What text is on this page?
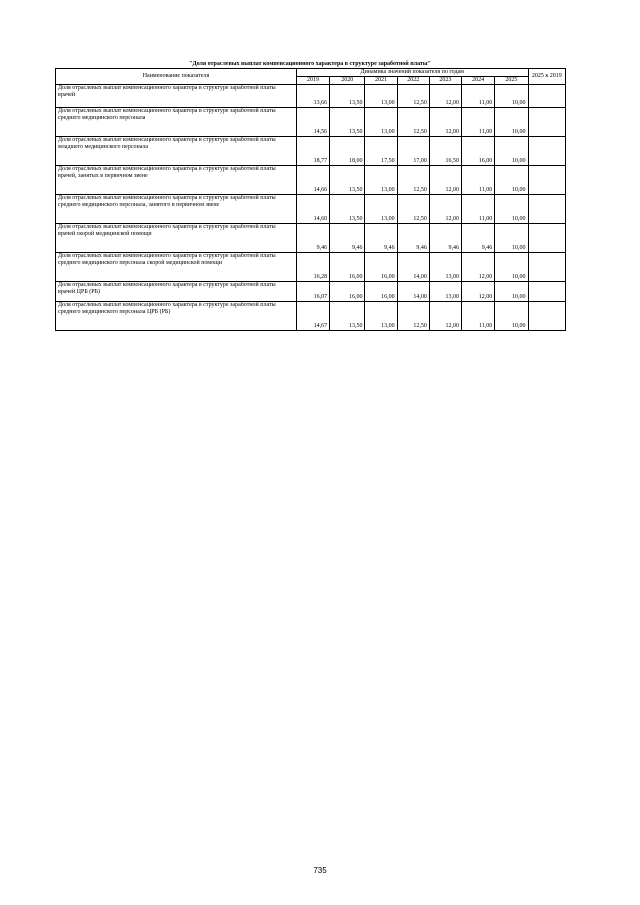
"Доля отраслевых выплат компенсационного характера в структуре заработной платы"
Наименование показателя	Динамика значений показателя по годам							2025 к 2019
	2019	2020	2021	2022	2023	2024	2025	
Доля отраслевых выплат компенсационного характера в структуре заработной платы врачей	13,66	13,50	13,00	12,50	12,00	11,00	10,00	
Доля отраслевых выплат компенсационного характера в структуре заработной платы среднего медицинского персонала	14,56	13,50	13,00	12,50	12,00	11,00	10,00	
Доля отраслевых выплат компенсационного характера в структуре заработной платы младшего медицинского персонала	18,77	18,00	17,50	17,00	16,50	16,00	10,00	
Доля отраслевых выплат компенсационного характера в структуре заработной платы врачей, занятых в первичном звене	14,66	13,50	13,00	12,50	12,00	11,00	10,00	
Доля отраслевых выплат компенсационного характера в структуре заработной платы среднего медицинского персонала, занятого в первичном звене	14,60	13,50	13,00	12,50	12,00	11,00	10,00	
Доля отраслевых выплат компенсационного характера в структуре заработной платы врачей скорой медицинской помощи	9,46	9,46	9,46	9,46	9,46	9,46	10,00	
Доля отраслевых выплат компенсационного характера в структуре заработной платы среднего медицинского персонала скорой медицинской помощи	16,28	16,00	16,00	14,00	13,00	12,00	10,00	
Доля отраслевых выплат компенсационного характера в структуре заработной платы врачей ЦРБ (РБ)	16,07	16,00	16,00	14,00	13,00	12,00	10,00	
Доля отраслевых выплат компенсационного характера в структуре заработной платы среднего медицинского персонала ЦРБ (РБ)	14,67	13,50	13,00	12,50	12,00	11,00	10,00	
735
